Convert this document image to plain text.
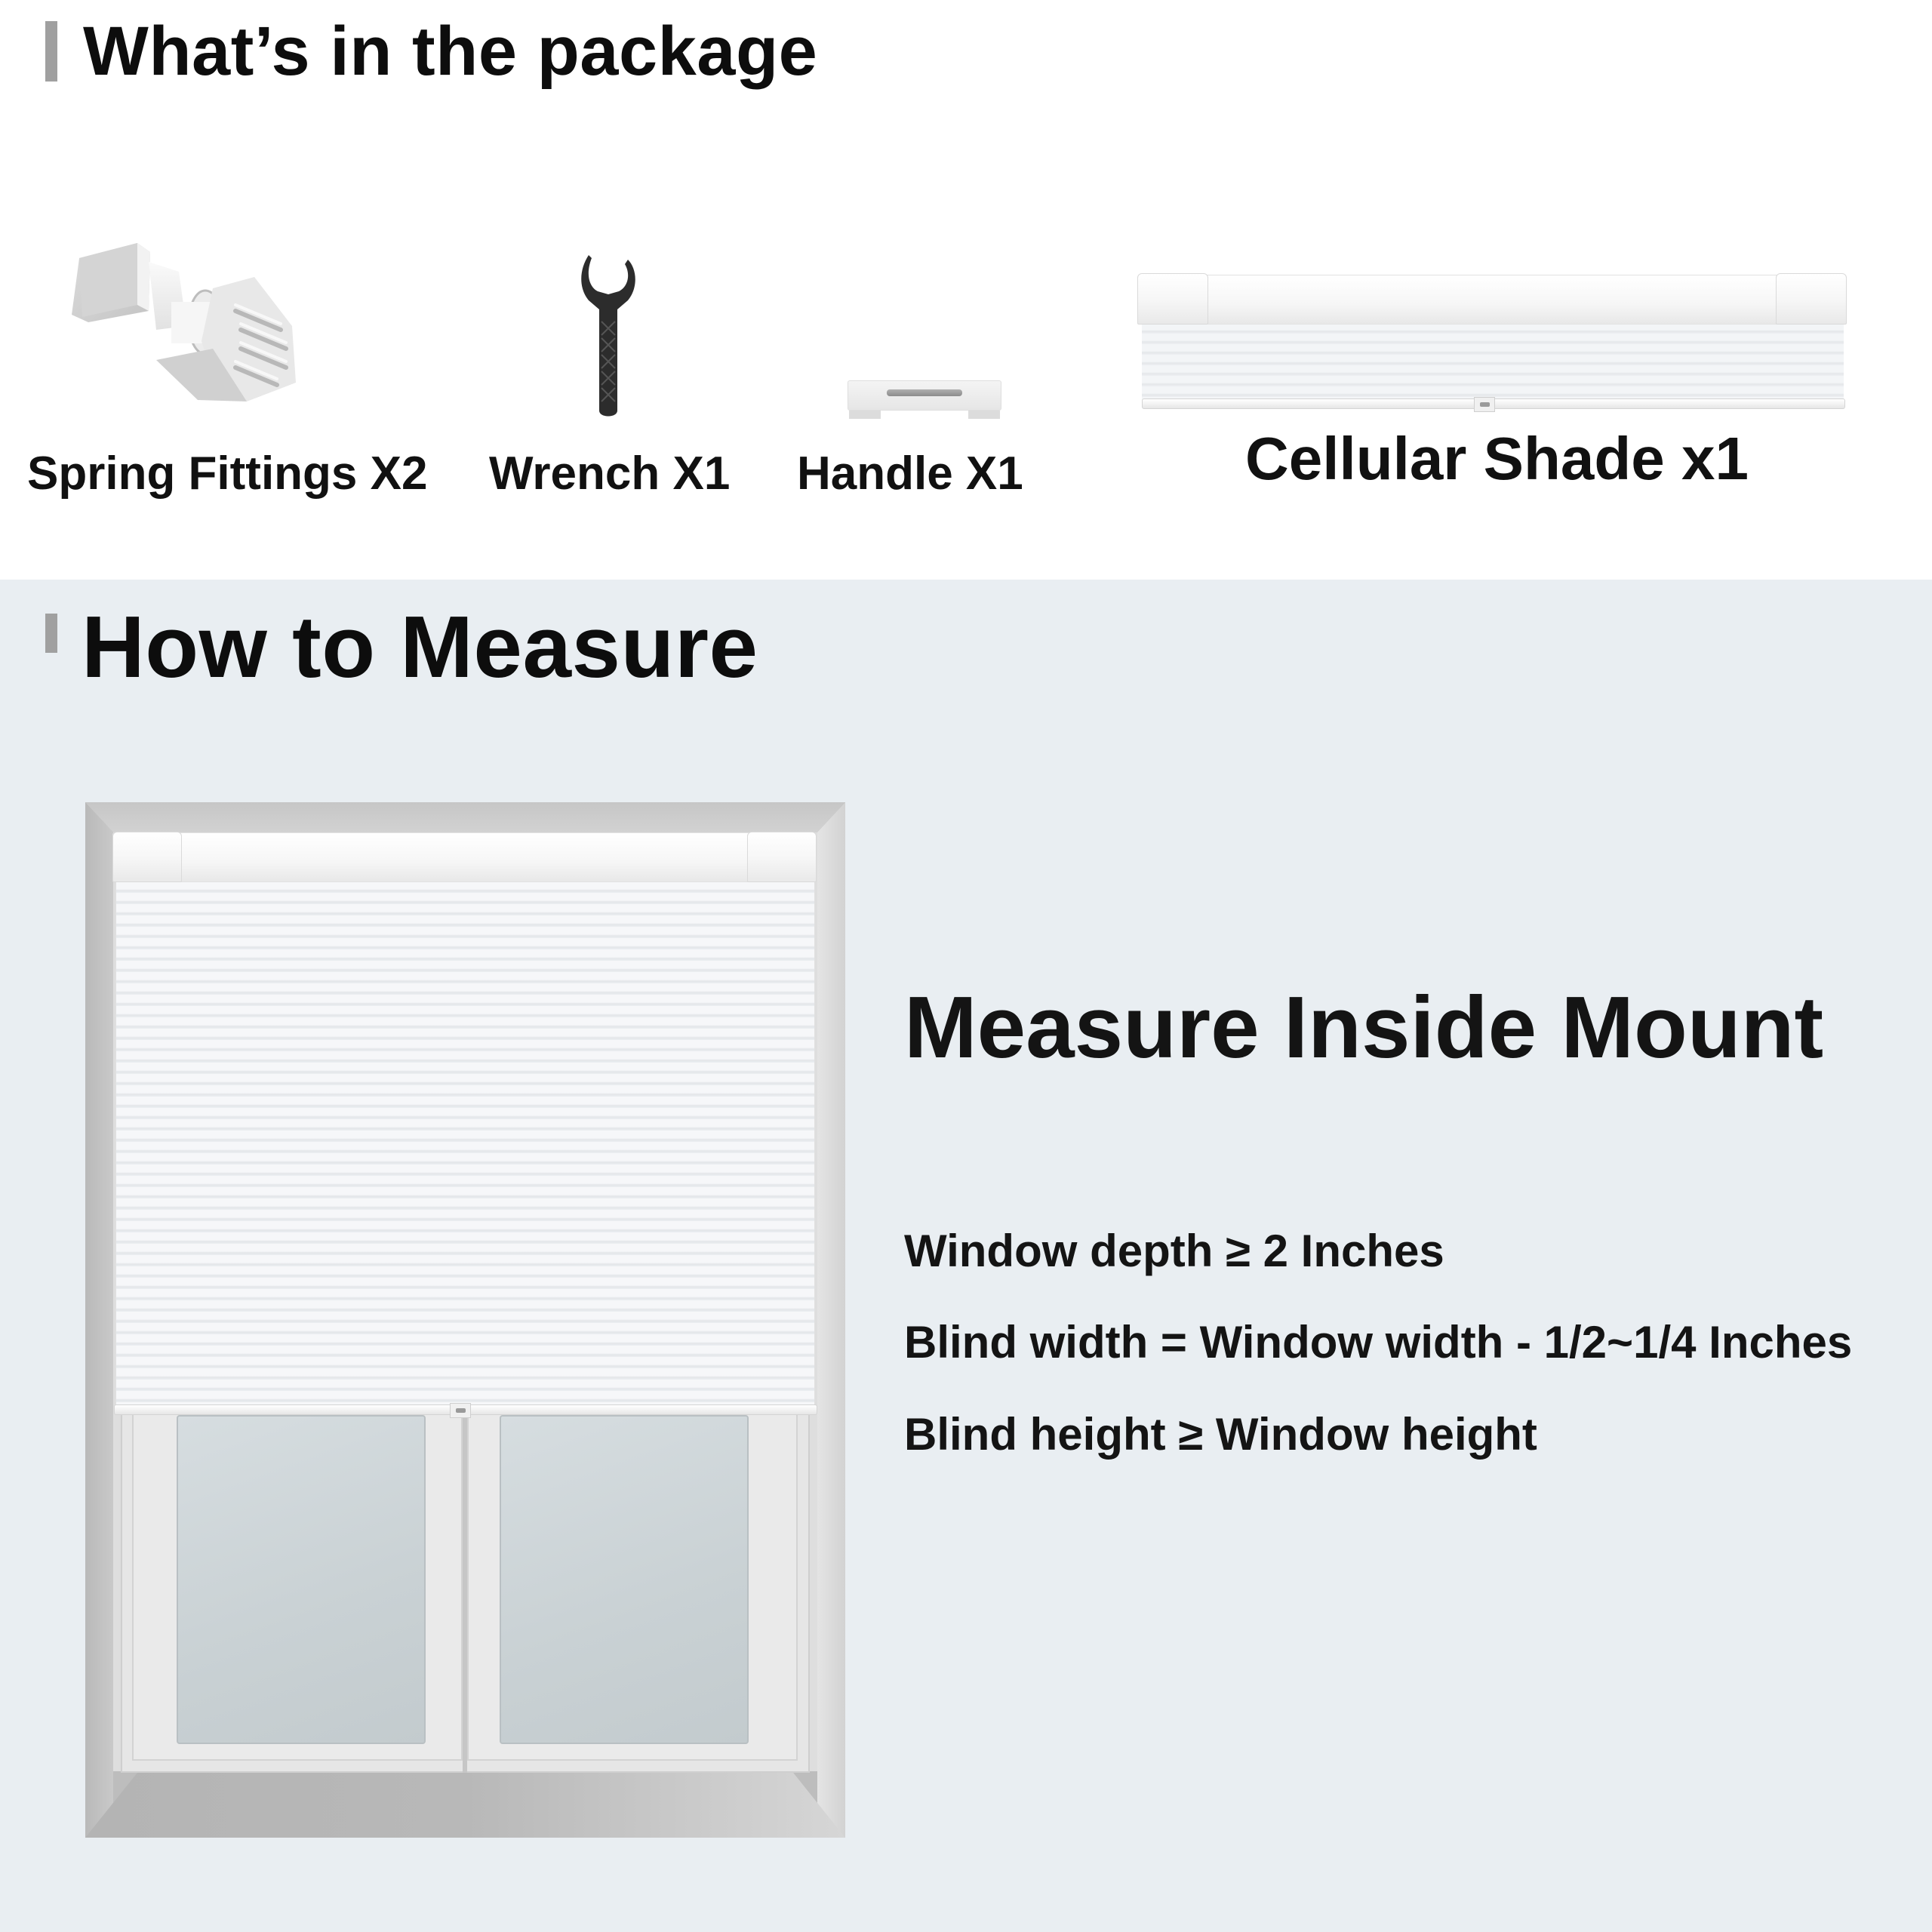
What’s in the package
Spring Fittings X2 Wrench X1 Handle X1	Cellular Shade x1
How to Measure
Measure Inside Mount
Window depth ≥ 2 Inches
Blind width = Window width - 1/2~1/4 Inches
Blind height ≥ Window height
